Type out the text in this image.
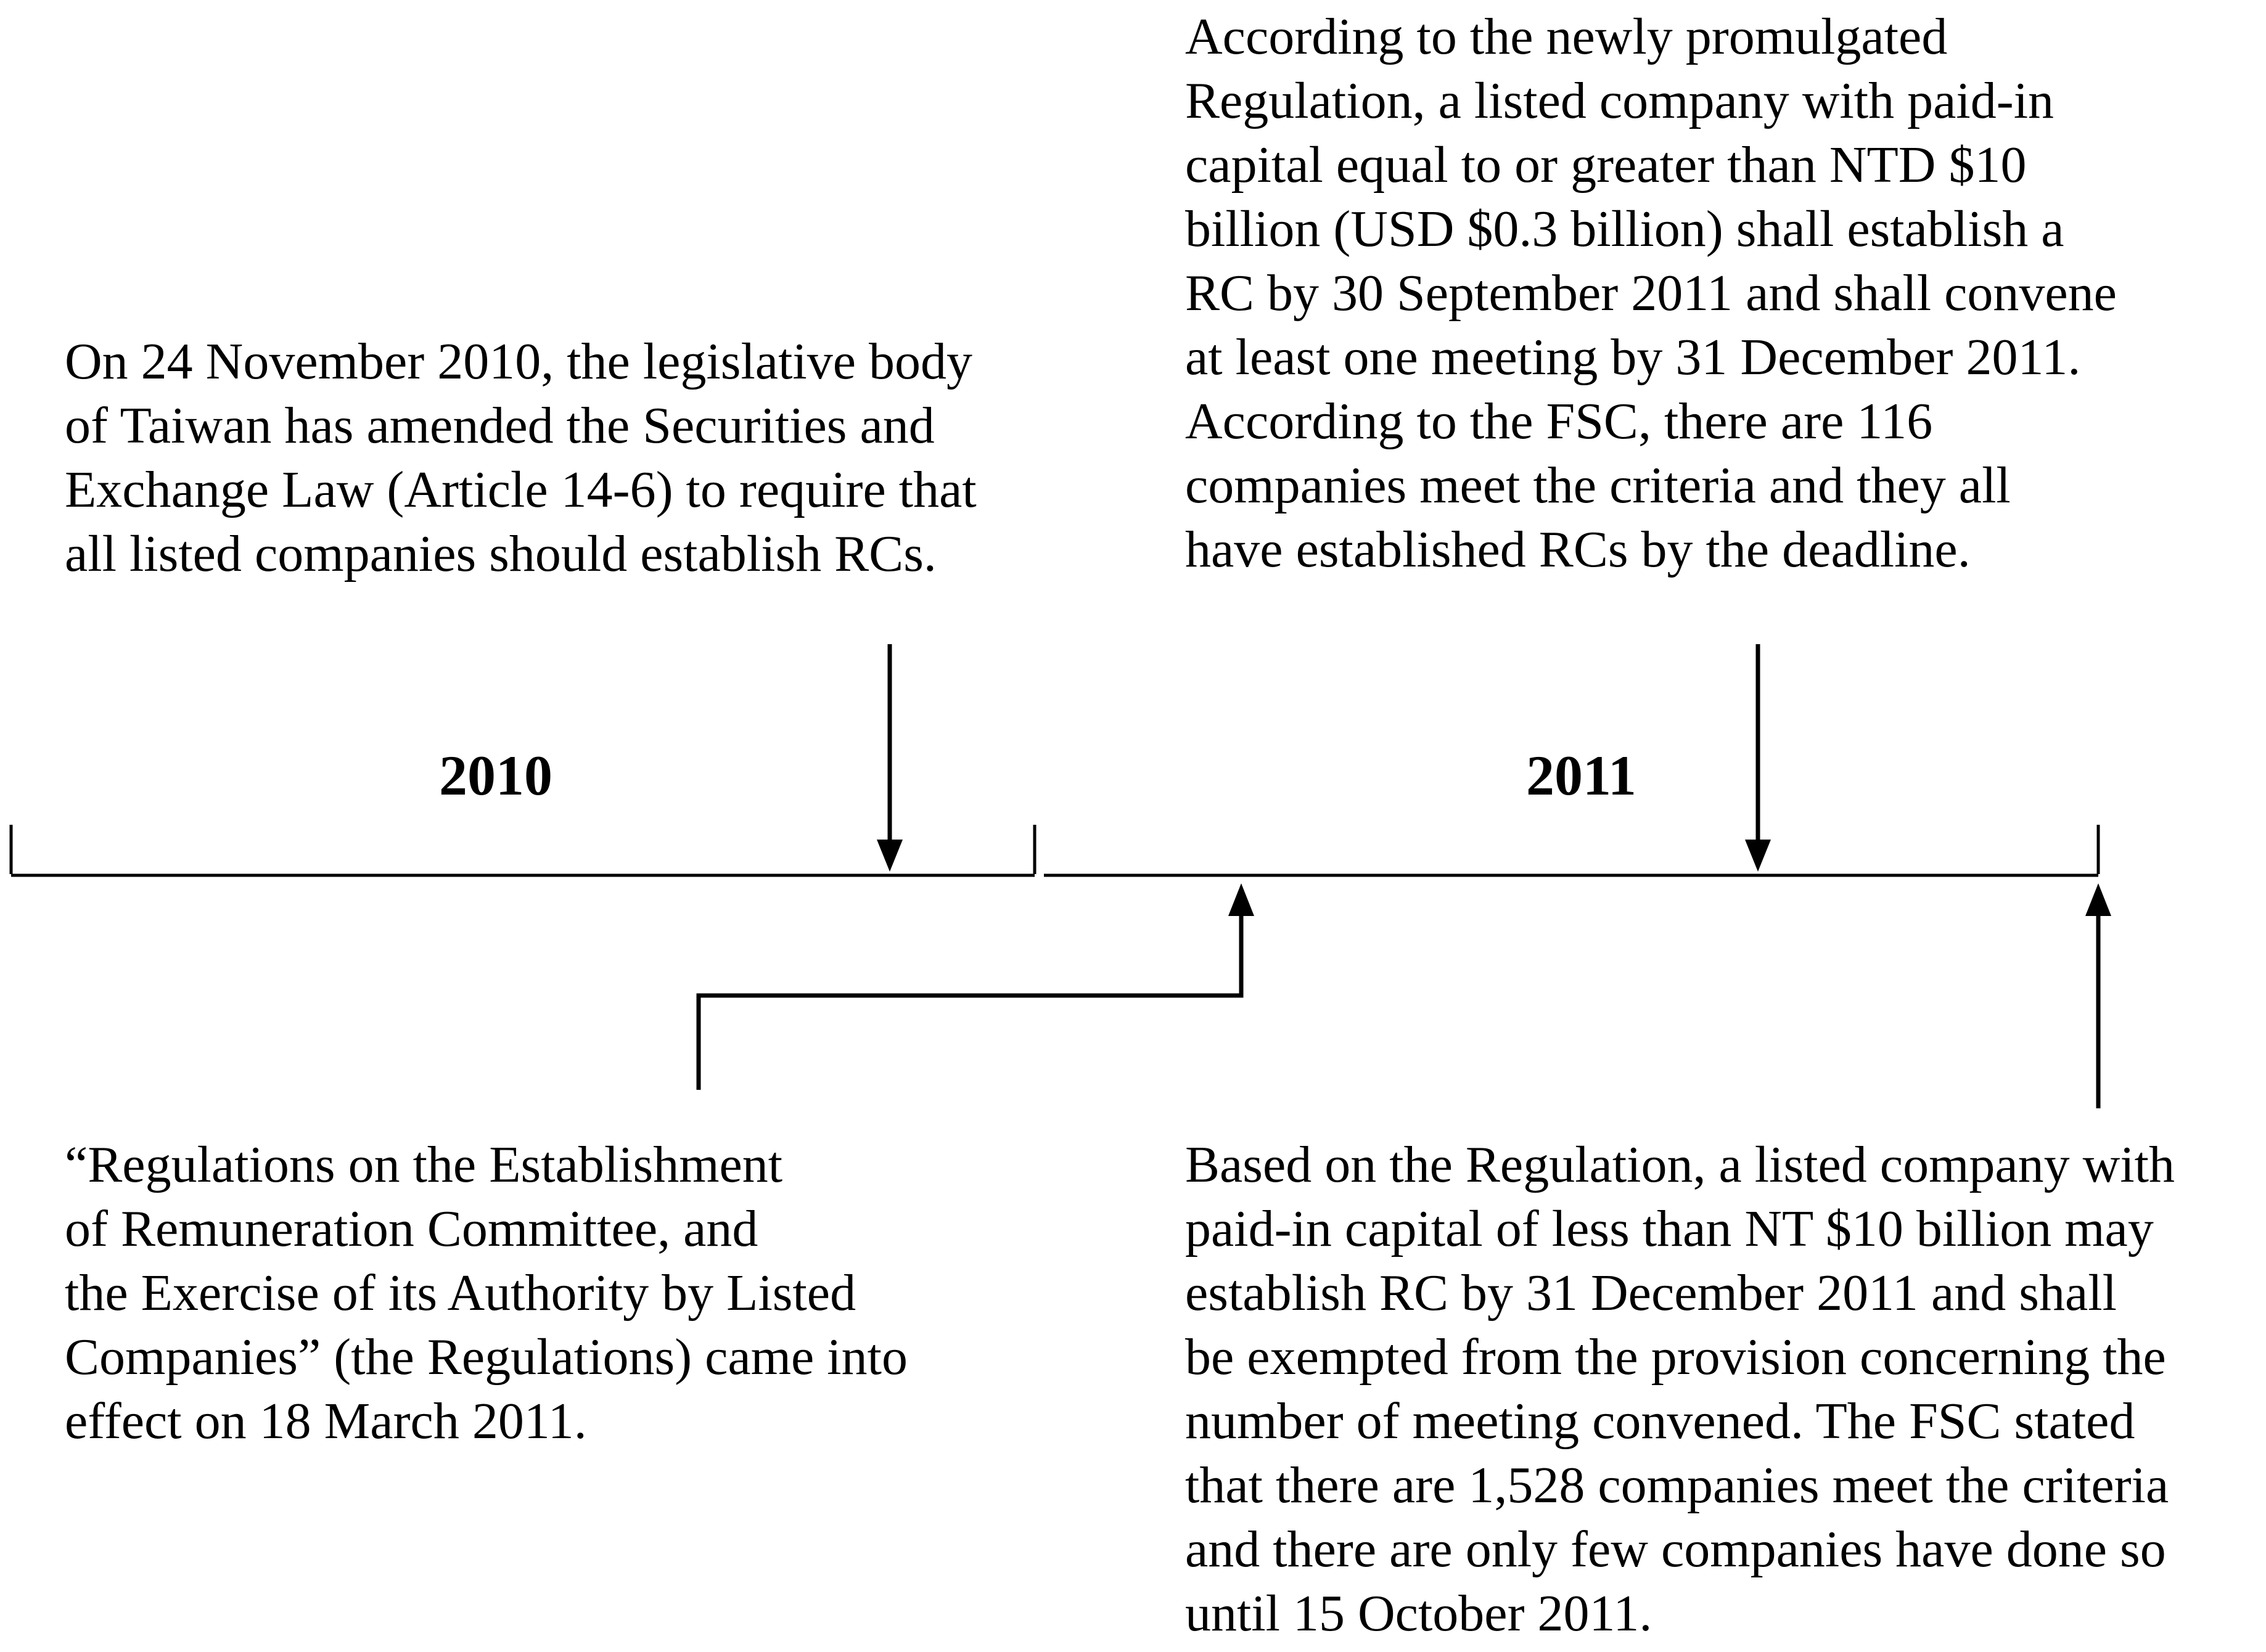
2010	2011
On 24 November 2010, the legislative body
of Taiwan has amended the Securities and
Exchange Law (Article 14-6) to require that
all listed companies should establish RCs.
According to the newly promulgated
Regulation, a listed company with paid-in
capital equal to or greater than NTD $10
billion (USD $0.3 billion) shall establish a
RC by 30 September 2011 and shall convene
at least one meeting by 31 December 2011.
According to the FSC, there are 116
companies meet the criteria and they all
have established RCs by the deadline.
“Regulations on the Establishment
of Remuneration Committee, and
the Exercise of its Authority by Listed
Companies” (the Regulations) came into
effect on 18 March 2011.
Based on the Regulation, a listed company with
paid-in capital of less than NT $10 billion may
establish RC by 31 December 2011 and shall
be exempted from the provision concerning the
number of meeting convened. The FSC stated
that there are 1,528 companies meet the criteria
and there are only few companies have done so
until 15 October 2011.
